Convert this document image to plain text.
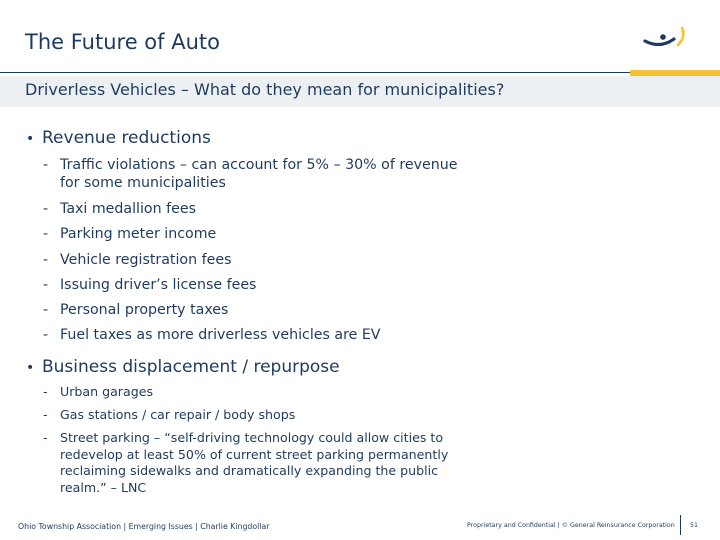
The Future of Auto
Driverless Vehicles – What do they mean for municipalities?
• Revenue reductions
- Traffic violations – can account for 5% – 30% of revenue for some municipalities
- Taxi medallion fees
- Parking meter income
- Vehicle registration fees
- Issuing driver’s license fees
- Personal property taxes
- Fuel taxes as more driverless vehicles are EV
• Business displacement / repurpose
- Urban garages
- Gas stations / car repair / body shops
- Street parking – “self-driving technology could allow cities to redevelop at least 50% of current street parking permanently reclaiming sidewalks and dramatically expanding the public realm.” – LNC
Ohio Township Association | Emerging Issues | Charlie Kingdollar	Proprietary and Confidential | © General Reinsurance Corporation 51
